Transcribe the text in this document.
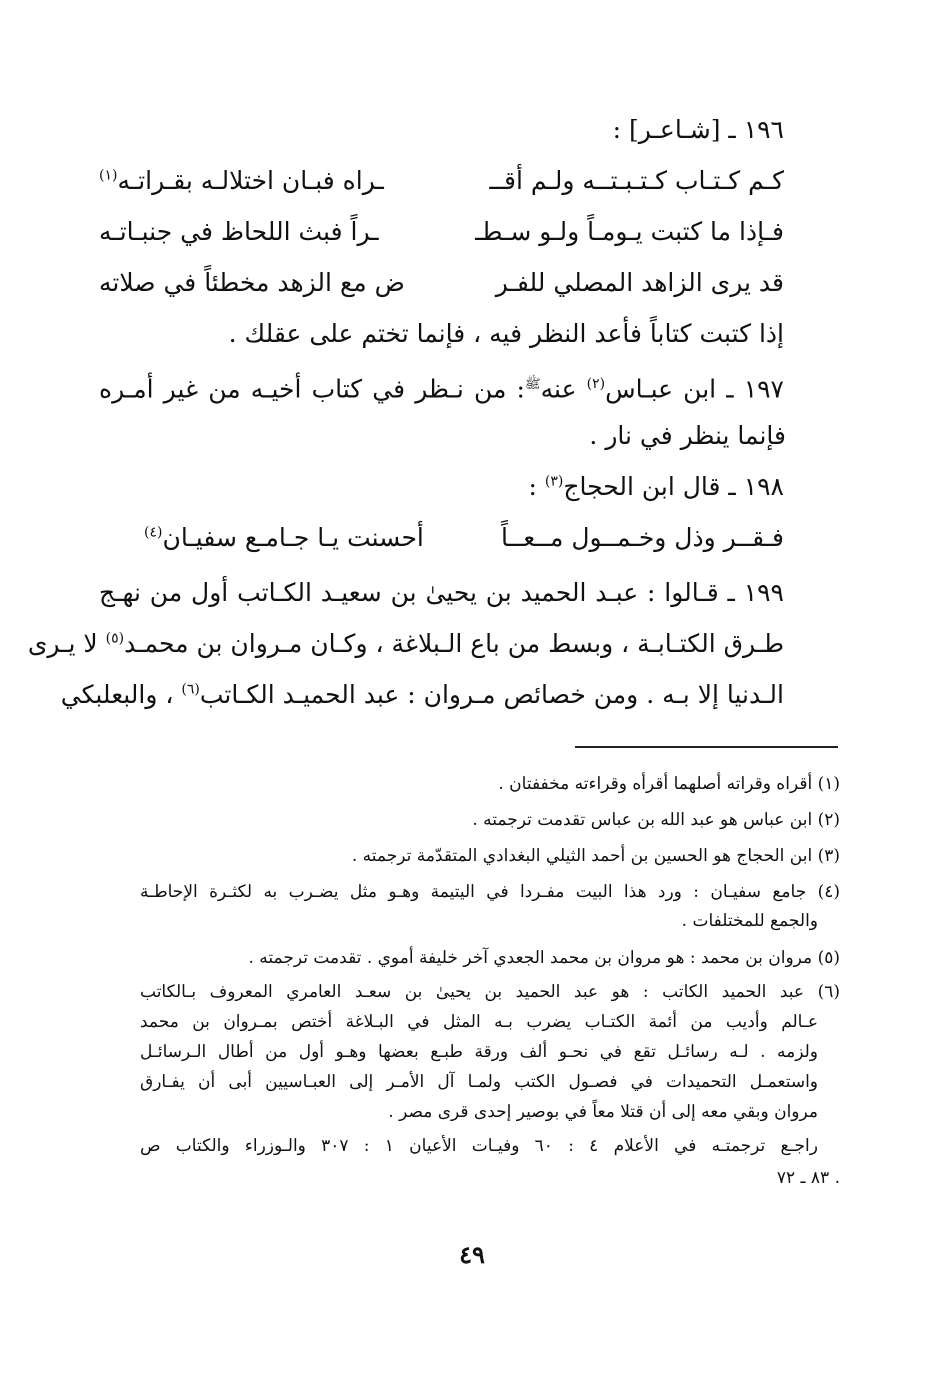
١٩٦ ـ [شـاعـر] :
كـم كـتـاب كـتـبـتــه ولـم أقــ
ـراه فبـان اختلالـه بقـراتـه$^{(١)}$
فـإذا ما كتبت يـومـاً ولـو سـطـ
ـراً فبث اللحاظ في جنبـاتـه
قد يرى الزاهد المصلي للفـر
ض مع الزهد مخطئاً في صلاته
إذا كتبت كتاباً فأعد النظر فيه ، فإنما تختم على عقلك .
١٩٧ ـ ابن عبـاس$^{(٢)}$ عنه$^ﷺ$: من نـظر في كتاب أخيـه من غير أمـره
فإنما ينظر في نار .
١٩٨ ـ قال ابن الحجاج$^{(٣)}$ :
فـقــر وذل وخـمــول مــعــاً
أحسنت يـا جـامـع سفيـان$^{(٤)}$
١٩٩ ـ قـالوا : عبـد الحميد بن يحيىٰ بن سعيـد الكـاتب أول من نهـج
طـرق الكتـابـة ، وبسط من باع الـبلاغة ، وكـان مـروان بن محمـد$^{(٥)}$ لا يـرى
الـدنيا إلا بـه . ومن خصائص مـروان : عبد الحميـد الكـاتب$^{(٦)}$ ، والبعلبكي
(١) أقراه وقراته أصلهما أقرأه وقراءته مخففتان .
(٢) ابن عباس هو عبد الله بن عباس تقدمت ترجمته .
(٣) ابن الحجاج هو الحسين بن أحمد الثيلي البغدادي المتقدّمة ترجمته .
(٤) جامع سفيـان : ورد هذا البيت مفـردا في اليتيمة وهـو مثل يضـرب به لكثـرة الإحاطـة
والجمع للمختلفات .
(٥) مروان بن محمد : هو مروان بن محمد الجعدي آخر خليفة أموي . تقدمت ترجمته .
(٦) عبد الحميد الكاتب : هو عبد الحميد بن يحيىٰ بن سعـد العامري المعروف بـالكاتب
عـالم وأديب من أئمة الكتـاب يضرب بـه المثل في البـلاغة أختص بمـروان بن محمد
ولزمه . لـه رسائـل تقع في نحـو ألف ورقة طبـع بعضها وهـو أول من أطال الـرسائـل
واستعمـل التحميدات في فصـول الكتب ولمـا آل الأمـر إلى العبـاسيين أبى أن يفـارق
مروان وبقي معه إلى أن قتلا معاً في بوصير إحدى قرى مصر .
راجـع ترجمتـه في الأعلام ٤ : ٦٠ وفيـات الأعيان ١ : ٣٠٧ والـوزراء والكتاب ص
. ٨٣ ـ ٧٢
٤٩
